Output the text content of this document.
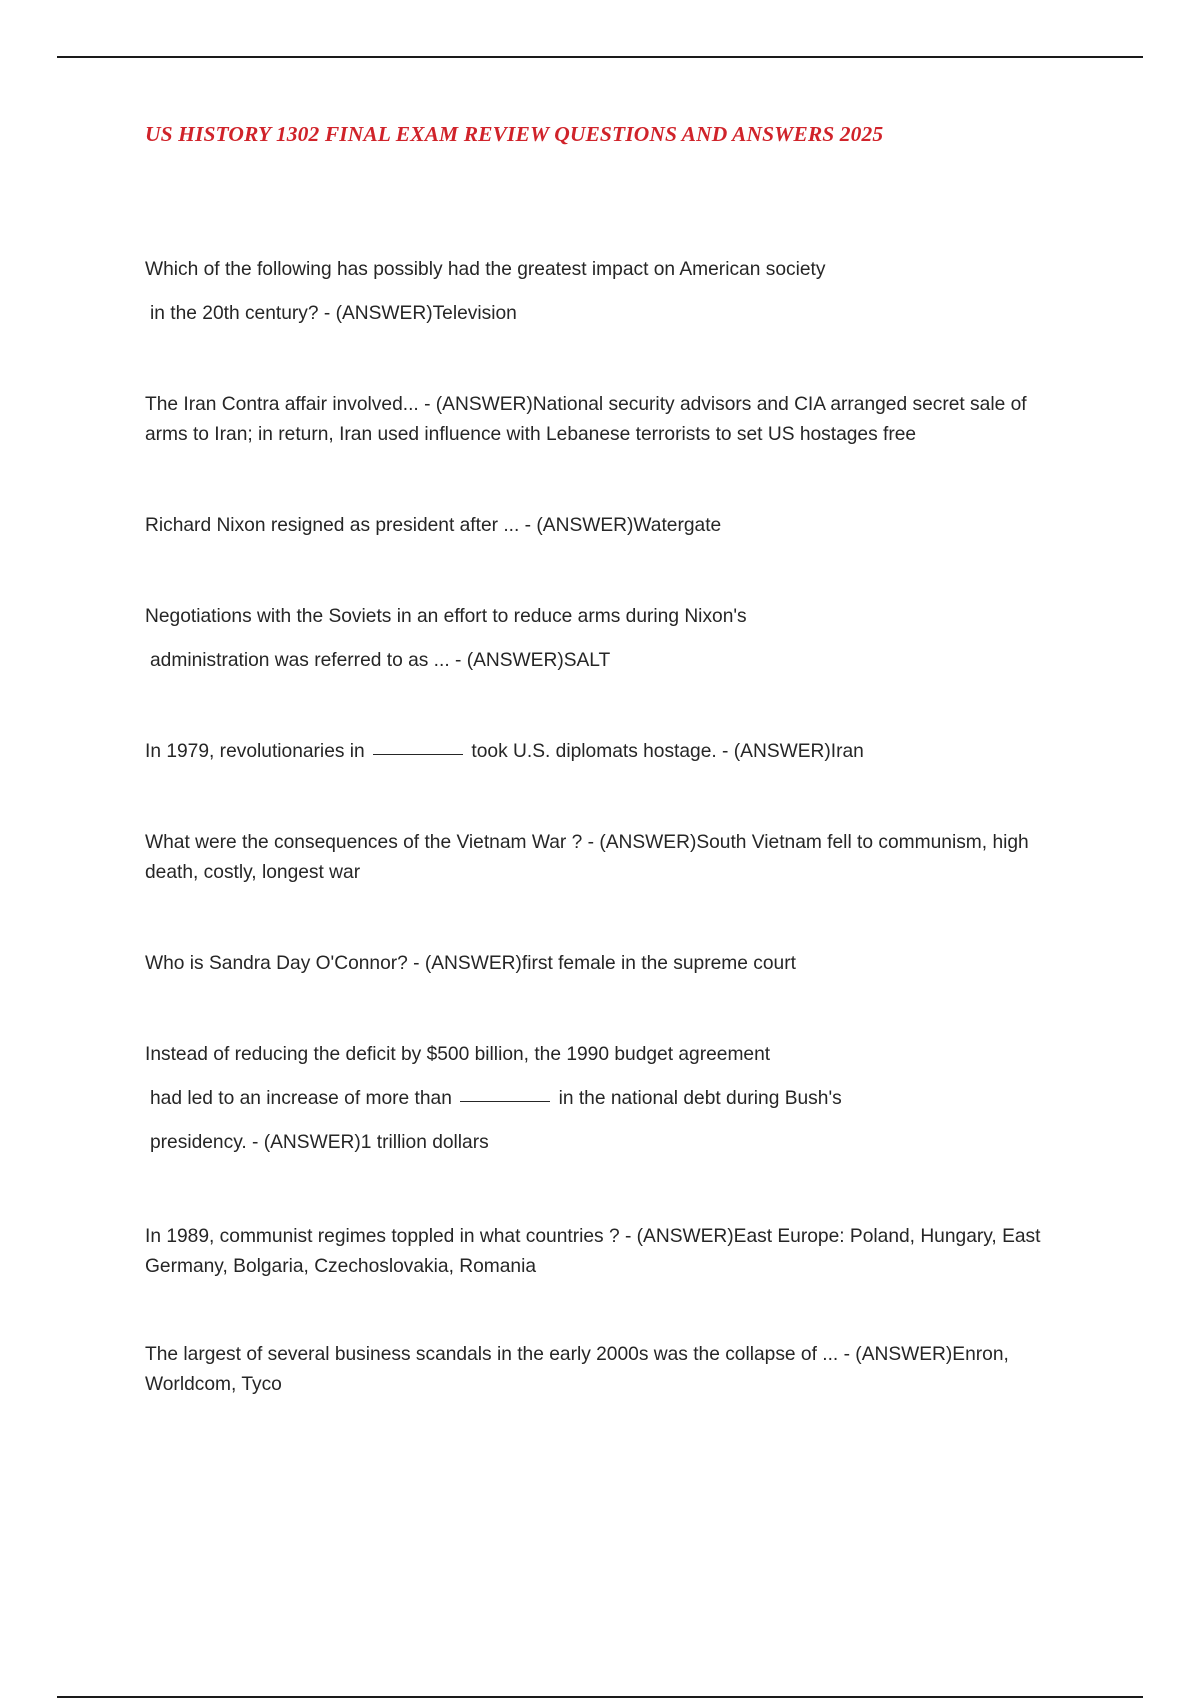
US HISTORY 1302 FINAL EXAM REVIEW QUESTIONS AND ANSWERS 2025
Which of the following has possibly had the greatest impact on American society
in the 20th century? - (ANSWER)Television
The Iran Contra affair involved... - (ANSWER)National security advisors and CIA arranged secret sale of
arms to Iran; in return, Iran used influence with Lebanese terrorists to set US hostages free
Richard Nixon resigned as president after ... - (ANSWER)Watergate
Negotiations with the Soviets in an effort to reduce arms during Nixon's
administration was referred to as ... - (ANSWER)SALT
In 1979, revolutionaries in	took U.S. diplomats hostage. - (ANSWER)Iran
What were the consequences of the Vietnam War ? - (ANSWER)South Vietnam fell to communism, high
death, costly, longest war
Who is Sandra Day O'Connor? - (ANSWER)first female in the supreme court
Instead of reducing the deficit by $500 billion, the 1990 budget agreement
had led to an increase of more than	in the national debt during Bush's
presidency. - (ANSWER)1 trillion dollars
In 1989, communist regimes toppled in what countries ? - (ANSWER)East Europe: Poland, Hungary, East
Germany, Bolgaria, Czechoslovakia, Romania
The largest of several business scandals in the early 2000s was the collapse of ... - (ANSWER)Enron,
Worldcom, Tyco
